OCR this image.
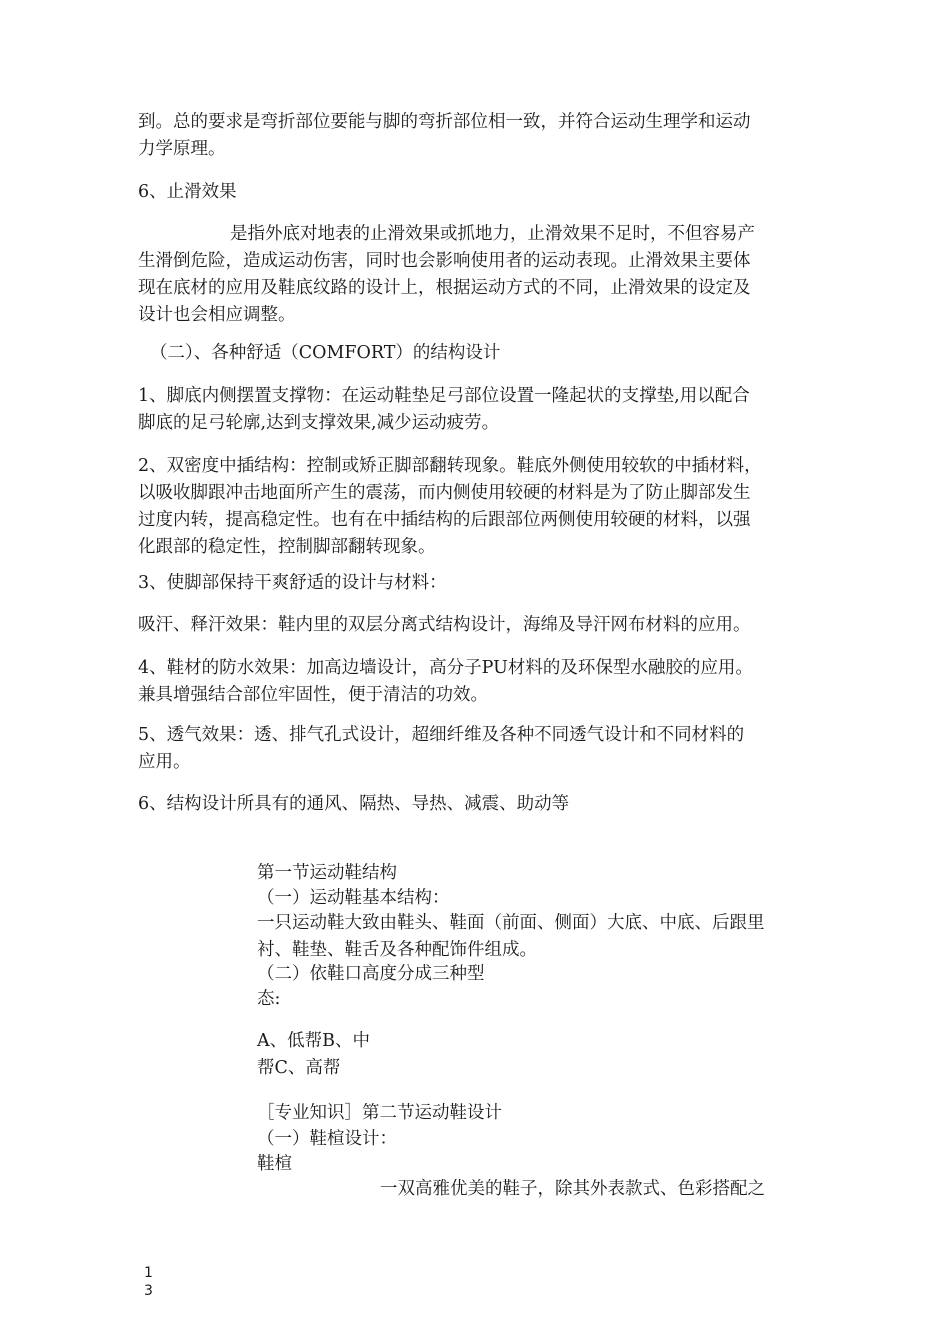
到。总的要求是弯折部位要能与脚的弯折部位相一致，并符合运动生理学和运动
力学原理。
6、止滑效果
是指外底对地表的止滑效果或抓地力，止滑效果不足时，不但容易产
生滑倒危险，造成运动伤害，同时也会影响使用者的运动表现。止滑效果主要体
现在底材的应用及鞋底纹路的设计上，根据运动方式的不同，止滑效果的设定及
设计也会相应调整。
（二）、各种舒适（COMFORT）的结构设计
1、脚底内侧摆置支撑物：在运动鞋垫足弓部位设置一隆起状的支撑垫,用以配合
脚底的足弓轮廓,达到支撑效果,减少运动疲劳。
2、双密度中插结构：控制或矫正脚部翻转现象。鞋底外侧使用较软的中插材料，
以吸收脚跟冲击地面所产生的震荡，而内侧使用较硬的材料是为了防止脚部发生
过度内转，提高稳定性。也有在中插结构的后跟部位两侧使用较硬的材料，以强
化跟部的稳定性，控制脚部翻转现象。
3、使脚部保持干爽舒适的设计与材料：
吸汗、释汗效果：鞋内里的双层分离式结构设计，海绵及导汗网布材料的应用。
4、鞋材的防水效果：加高边墙设计，高分子PU材料的及环保型水融胶的应用。
兼具增强结合部位牢固性，便于清洁的功效。
5、透气效果：透、排气孔式设计，超细纤维及各种不同透气设计和不同材料的
应用。
6、结构设计所具有的通风、隔热、导热、减震、助动等
第一节运动鞋结构
（一）运动鞋基本结构：
一只运动鞋大致由鞋头、鞋面（前面、侧面）大底、中底、后跟里
衬、鞋垫、鞋舌及各种配饰件组成。
（二）依鞋口高度分成三种型
态:
A、低帮B、中
帮C、高帮
［专业知识］第二节运动鞋设计
（一）鞋楦设计：
鞋楦
一双高雅优美的鞋子，除其外表款式、色彩搭配之
1
3
